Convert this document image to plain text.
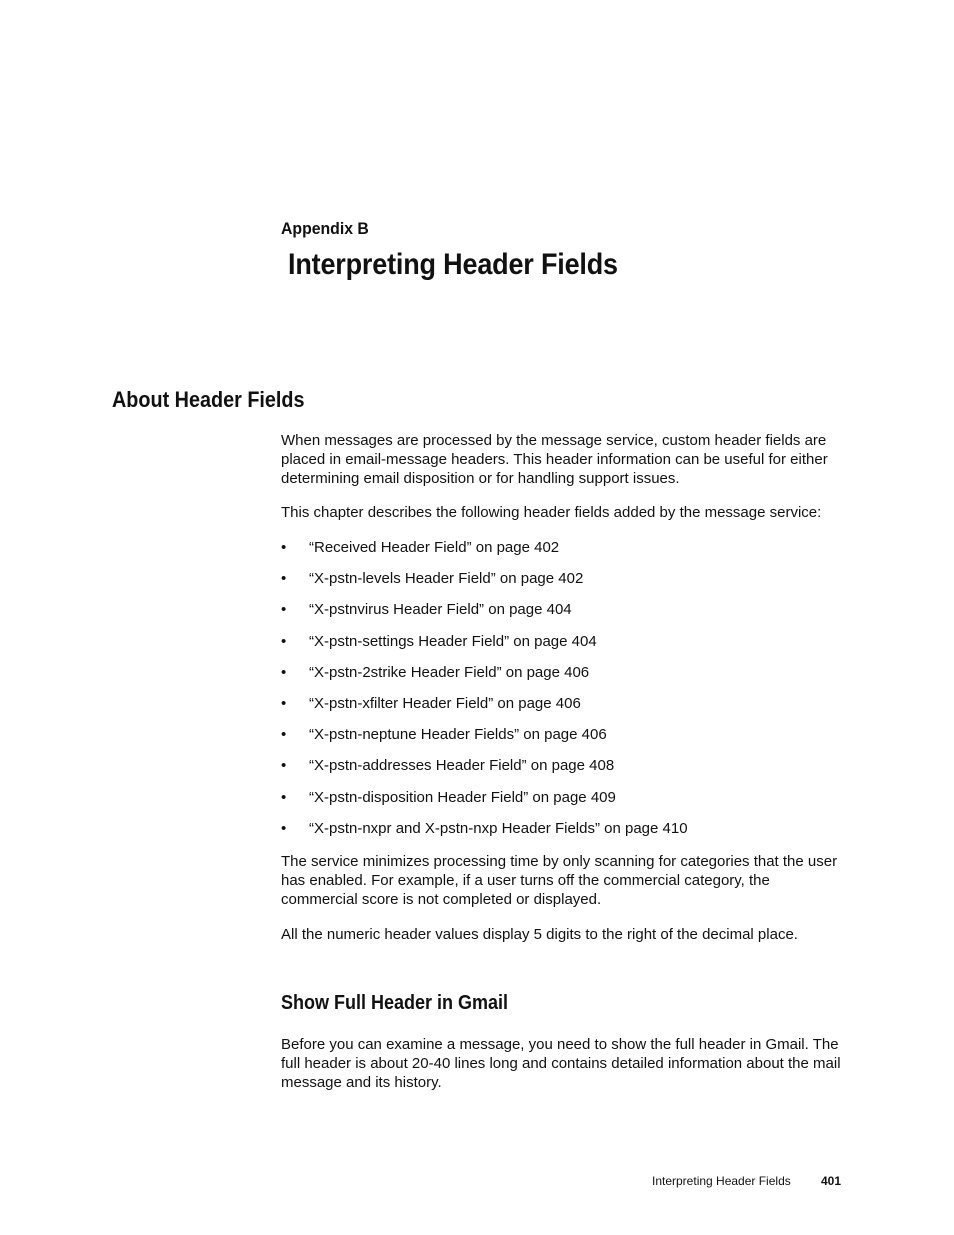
Appendix B
Interpreting Header Fields
About Header Fields

When messages are processed by the message service, custom header fields are placed in email-message headers. This header information can be useful for either determining email disposition or for handling support issues.

This chapter describes the following header fields added by the message service:

• “Received Header Field” on page 402
• “X-pstn-levels Header Field” on page 402
• “X-pstnvirus Header Field” on page 404
• “X-pstn-settings Header Field” on page 404
• “X-pstn-2strike Header Field” on page 406
• “X-pstn-xfilter Header Field” on page 406
• “X-pstn-neptune Header Fields” on page 406
• “X-pstn-addresses Header Field” on page 408
• “X-pstn-disposition Header Field” on page 409
• “X-pstn-nxpr and X-pstn-nxp Header Fields” on page 410

The service minimizes processing time by only scanning for categories that the user has enabled. For example, if a user turns off the commercial category, the commercial score is not completed or displayed.

All the numeric header values display 5 digits to the right of the decimal place.

Show Full Header in Gmail

Before you can examine a message, you need to show the full header in Gmail. The full header is about 20-40 lines long and contains detailed information about the mail message and its history.

Interpreting Header Fields	401
